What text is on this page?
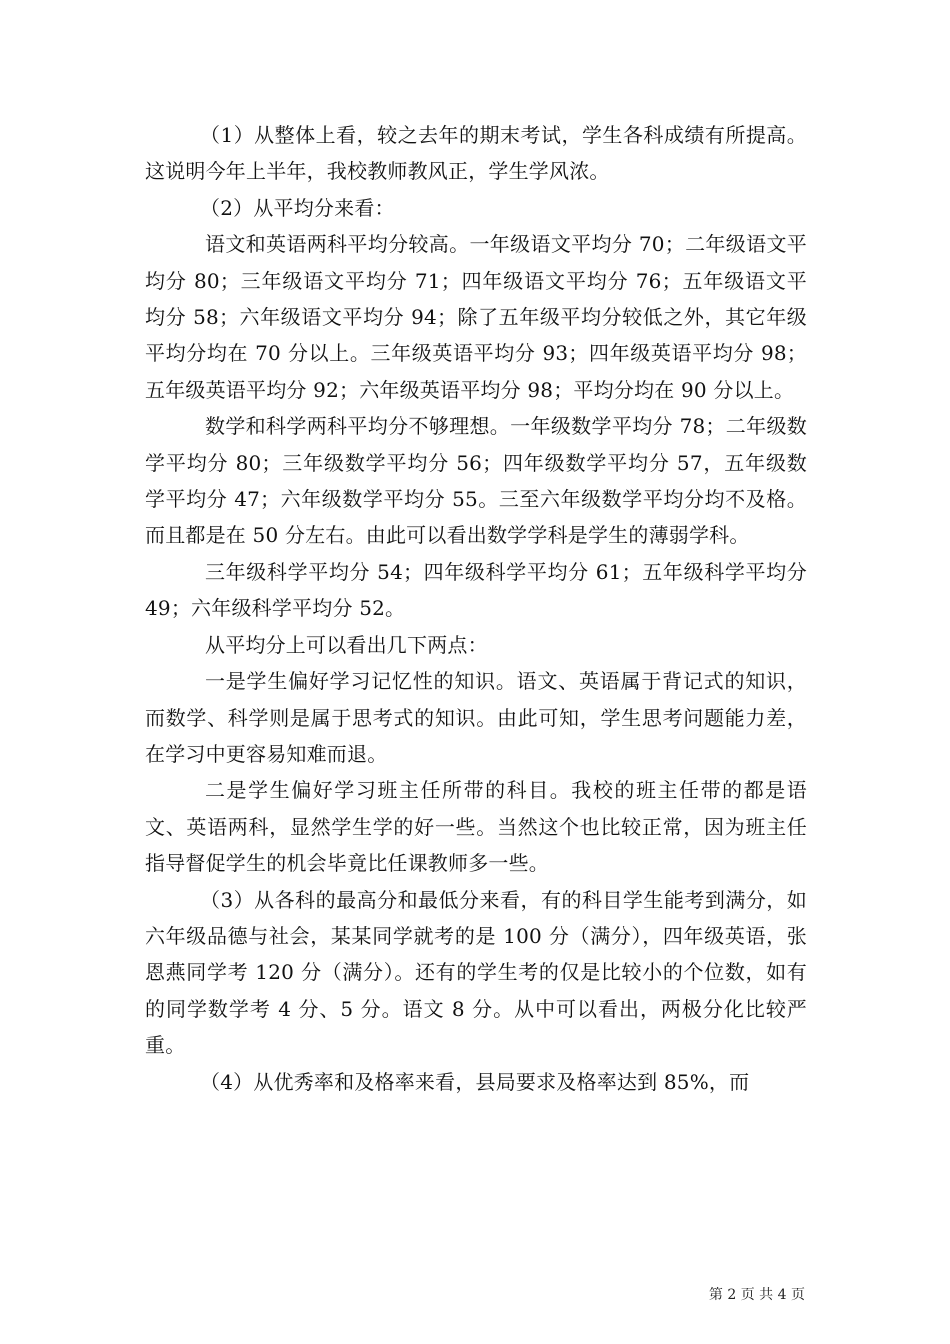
（1）从整体上看，较之去年的期末考试，学生各科成绩有所提高。这说明今年上半年，我校教师教风正，学生学风浓。

（2）从平均分来看：

语文和英语两科平均分较高。一年级语文平均分 70；二年级语文平均分 80；三年级语文平均分 71；四年级语文平均分 76；五年级语文平均分 58；六年级语文平均分 94；除了五年级平均分较低之外，其它年级平均分均在 70 分以上。三年级英语平均分 93；四年级英语平均分 98；五年级英语平均分 92；六年级英语平均分 98；平均分均在 90 分以上。

数学和科学两科平均分不够理想。一年级数学平均分 78；二年级数学平均分 80；三年级数学平均分 56；四年级数学平均分 57，五年级数学平均分 47；六年级数学平均分 55。三至六年级数学平均分均不及格。而且都是在 50 分左右。由此可以看出数学学科是学生的薄弱学科。

三年级科学平均分 54；四年级科学平均分 61；五年级科学平均分 49；六年级科学平均分 52。

从平均分上可以看出几下两点：

一是学生偏好学习记忆性的知识。语文、英语属于背记式的知识，而数学、科学则是属于思考式的知识。由此可知，学生思考问题能力差，在学习中更容易知难而退。

二是学生偏好学习班主任所带的科目。我校的班主任带的都是语文、英语两科，显然学生学的好一些。当然这个也比较正常，因为班主任指导督促学生的机会毕竟比任课教师多一些。

（3）从各科的最高分和最低分来看，有的科目学生能考到满分，如六年级品德与社会，某某同学就考的是 100 分（满分），四年级英语，张恩燕同学考 120 分（满分）。还有的学生考的仅是比较小的个位数，如有的同学数学考 4 分、5 分。语文 8 分。从中可以看出，两极分化比较严重。

（4）从优秀率和及格率来看，县局要求及格率达到 85%，而

第 2 页 共 4 页
